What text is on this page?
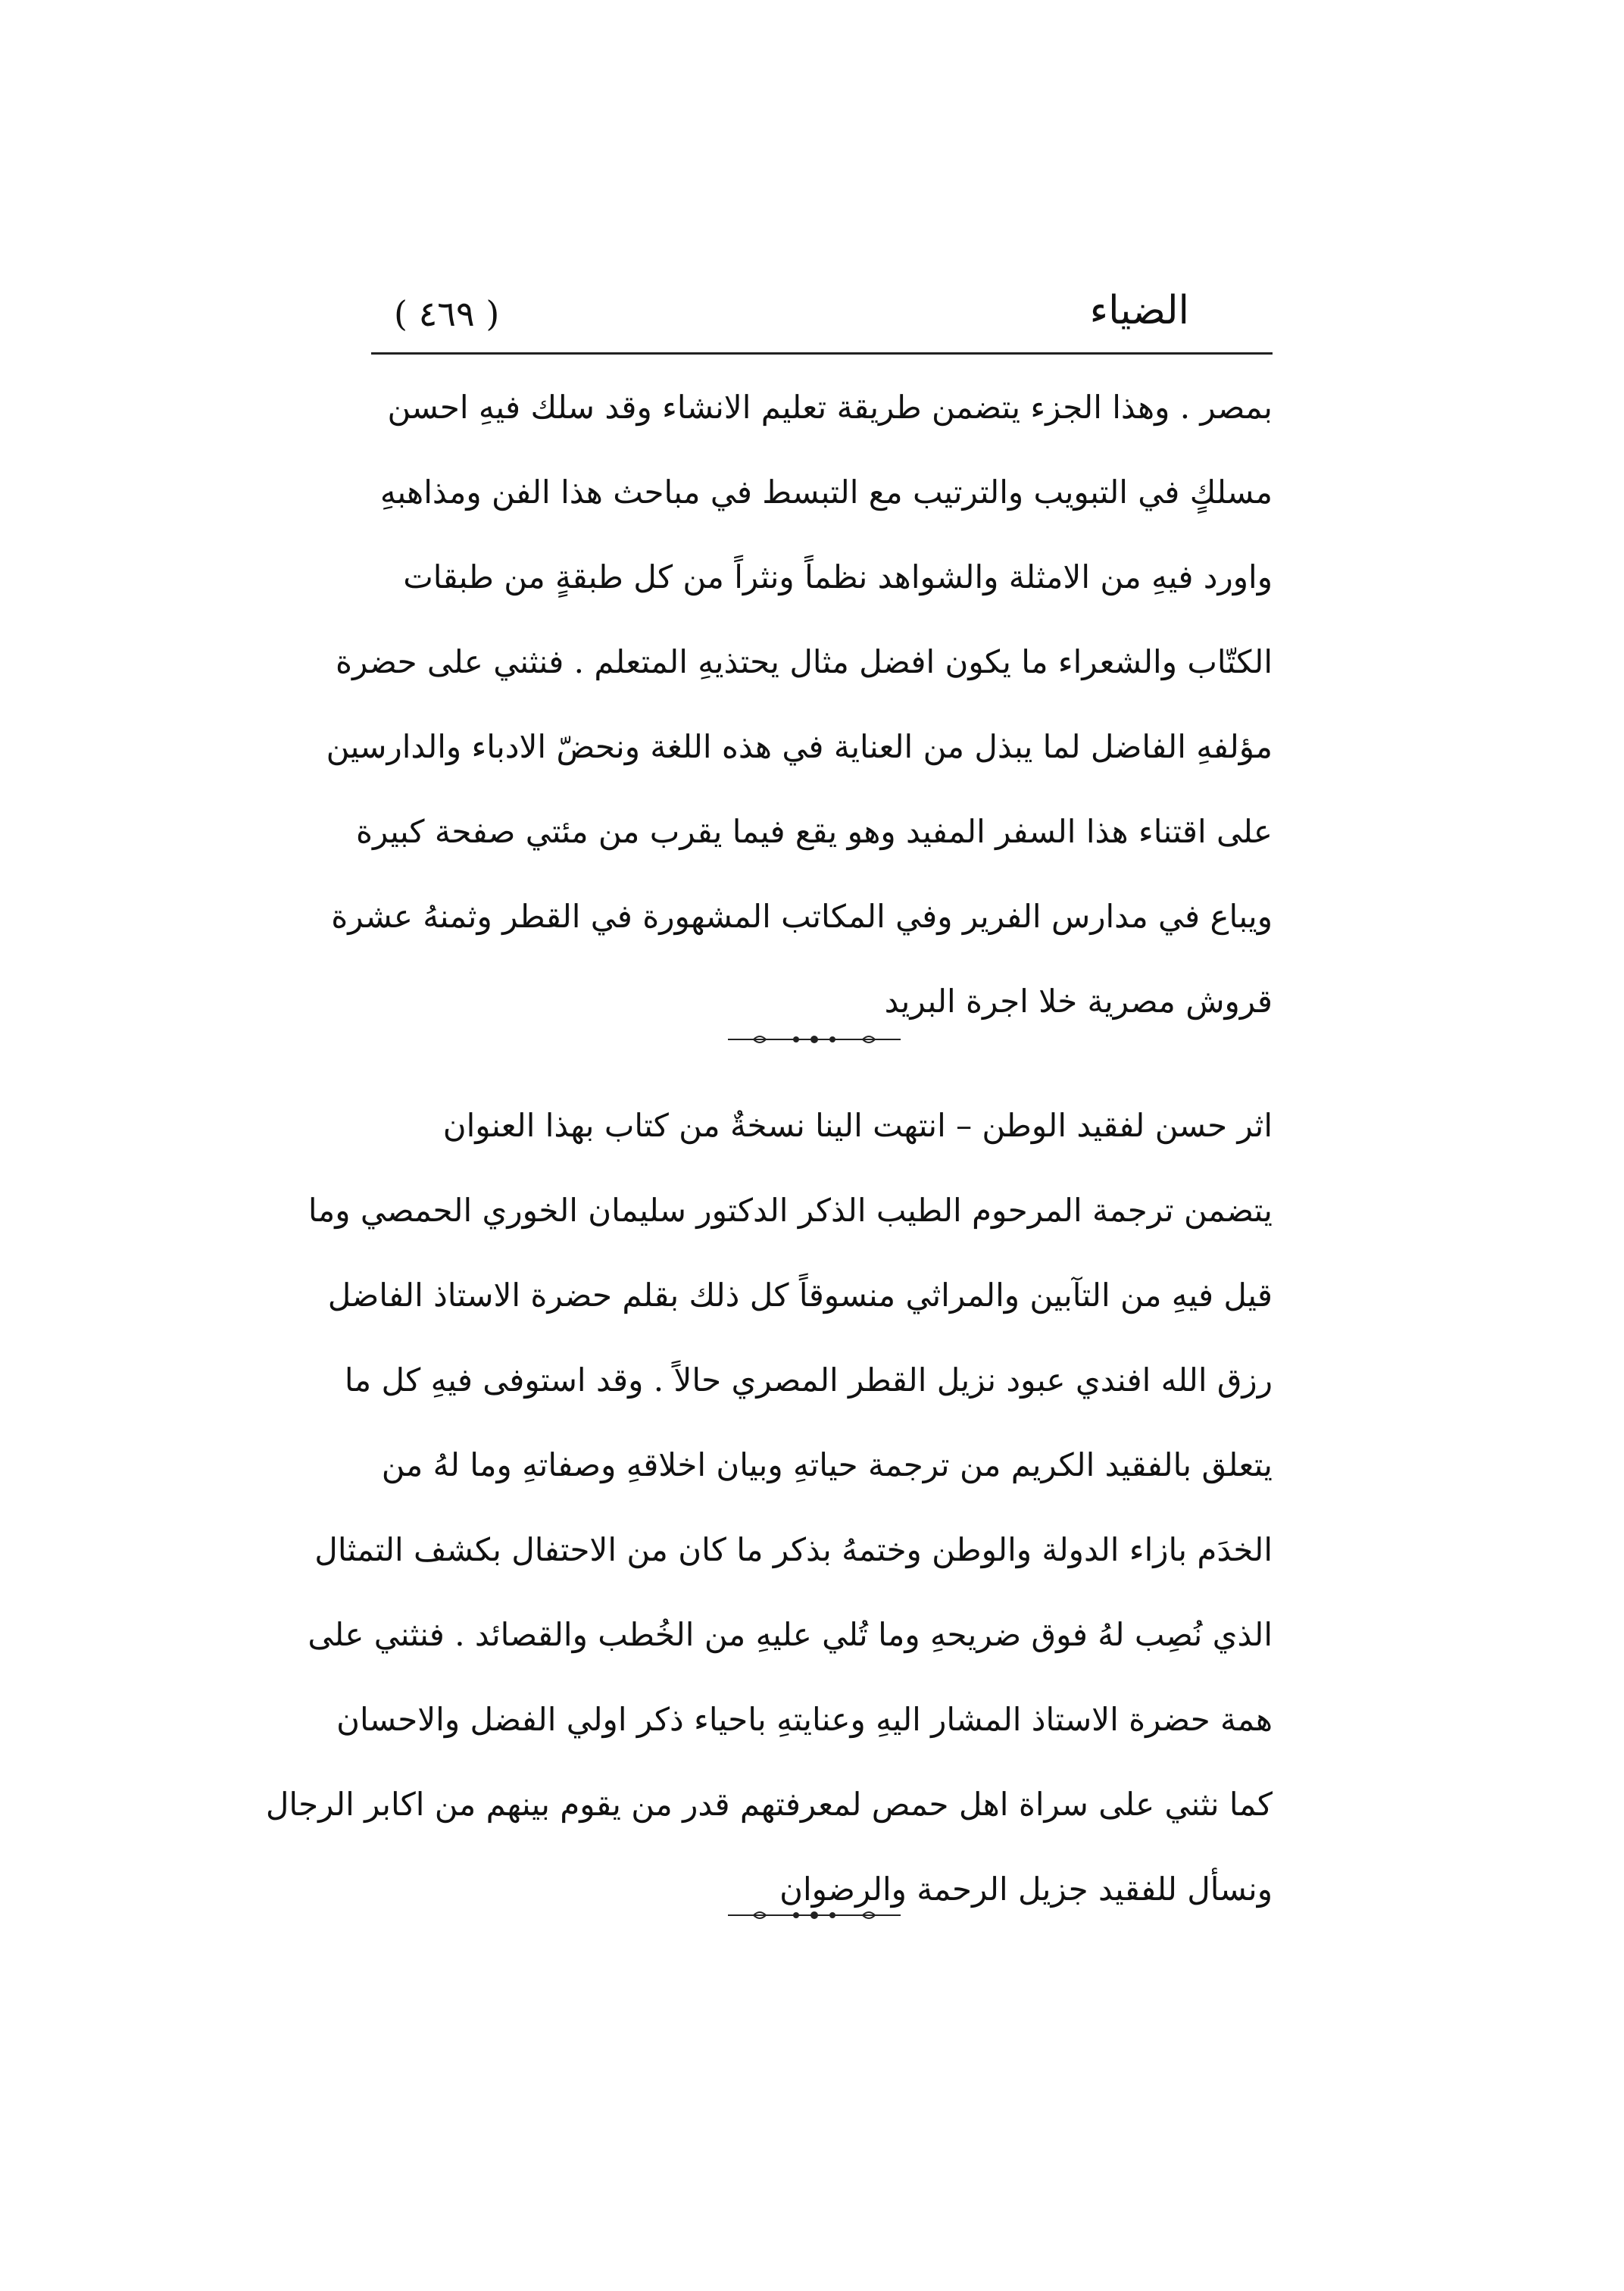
الضياء
( ٤٦٩ )
بمصر . وهذا الجزء يتضمن طريقة تعليم الانشاء وقد سلك فيهِ احسن
مسلكٍ في التبويب والترتيب مع التبسط في مباحث هذا الفن ومذاهبهِ
واورد فيهِ من الامثلة والشواهد نظماً ونثراً من كل طبقةٍ من طبقات
الكتّاب والشعراء ما يكون افضل مثال يحتذيهِ المتعلم . فنثني على حضرة
مؤلفهِ الفاضل لما يبذل من العناية في هذه اللغة ونحضّ الادباء والدارسين
على اقتناء هذا السفر المفيد وهو يقع فيما يقرب من مئتي صفحة كبيرة
ويباع في مدارس الفرير وفي المكاتب المشهورة في القطر وثمنهُ عشرة
قروش مصرية خلا اجرة البريد
اثر حسن لفقيد الوطن – انتهت الينا نسخةٌ من كتاب بهذا العنوان
يتضمن ترجمة المرحوم الطيب الذكر الدكتور سليمان الخوري الحمصي وما
قيل فيهِ من التآبين والمراثي منسوقاً كل ذلك بقلم حضرة الاستاذ الفاضل
رزق الله افندي عبود نزيل القطر المصري حالاً . وقد استوفى فيهِ كل ما
يتعلق بالفقيد الكريم من ترجمة حياتهِ وبيان اخلاقهِ وصفاتهِ وما لهُ من
الخدَم بازاء الدولة والوطن وختمهُ بذكر ما كان من الاحتفال بكشف التمثال
الذي نُصِب لهُ فوق ضريحهِ وما تُلي عليهِ من الخُطب والقصائد . فنثني على
همة حضرة الاستاذ المشار اليهِ وعنايتهِ باحياء ذكر اولي الفضل والاحسان
كما نثني على سراة اهل حمص لمعرفتهم قدر من يقوم بينهم من اكابر الرجال
ونسأل للفقيد جزيل الرحمة والرضوان
